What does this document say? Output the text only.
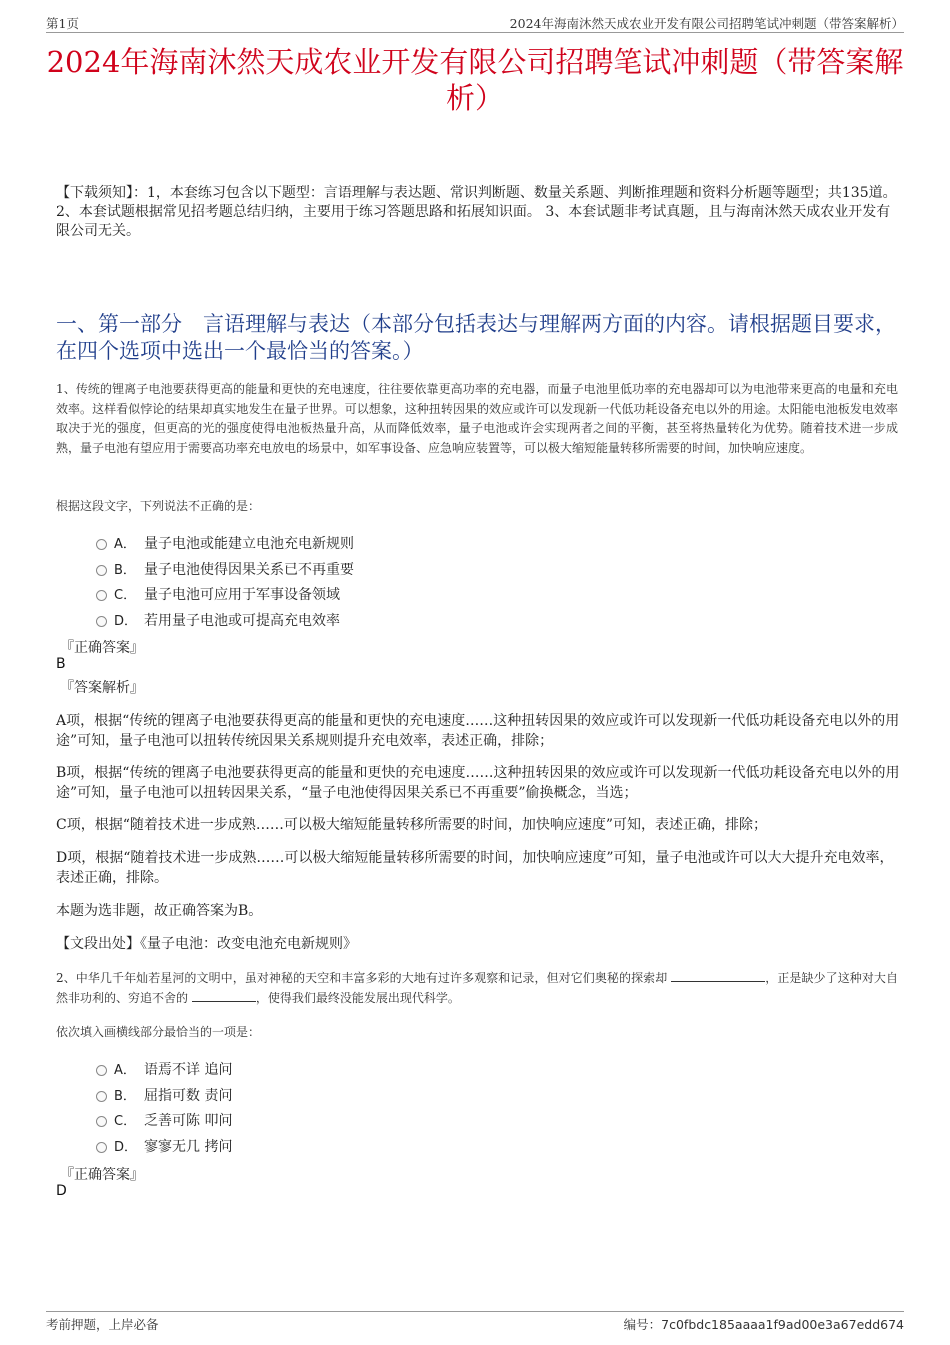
第1页	2024年海南沐然天成农业开发有限公司招聘笔试冲刺题（带答案解析）
2024年海南沐然天成农业开发有限公司招聘笔试冲刺题（带答案解析）
【下载须知】：1，本套练习包含以下题型：言语理解与表达题、常识判断题、数量关系题、判断推理题和资料分析题等题型；共135道。 2、本套试题根据常见招考题总结归纳，主要用于练习答题思路和拓展知识面。 3、本套试题非考试真题，且与海南沐然天成农业开发有限公司无关。
一、第一部分　言语理解与表达（本部分包括表达与理解两方面的内容。请根据题目要求，在四个选项中选出一个最恰当的答案。）
1、传统的锂离子电池要获得更高的能量和更快的充电速度，往往要依靠更高功率的充电器，而量子电池里低功率的充电器却可以为电池带来更高的电量和充电效率。这样看似悖论的结果却真实地发生在量子世界。可以想象，这种扭转因果的效应或许可以发现新一代低功耗设备充电以外的用途。太阳能电池板发电效率取决于光的强度，但更高的光的强度使得电池板热量升高，从而降低效率，量子电池或许会实现两者之间的平衡，甚至将热量转化为优势。随着技术进一步成熟，量子电池有望应用于需要高功率充电放电的场景中，如军事设备、应急响应装置等，可以极大缩短能量转移所需要的时间，加快响应速度。
根据这段文字，下列说法不正确的是：
A． 量子电池或能建立电池充电新规则
B． 量子电池使得因果关系已不再重要
C． 量子电池可应用于军事设备领域
D． 若用量子电池或可提高充电效率
『正确答案』
B
『答案解析』
A项，根据“传统的锂离子电池要获得更高的能量和更快的充电速度……这种扭转因果的效应或许可以发现新一代低功耗设备充电以外的用途”可知，量子电池可以扭转传统因果关系规则提升充电效率，表述正确，排除；
B项，根据“传统的锂离子电池要获得更高的能量和更快的充电速度……这种扭转因果的效应或许可以发现新一代低功耗设备充电以外的用途”可知，量子电池可以扭转因果关系，“量子电池使得因果关系已不再重要”偷换概念，当选；
C项，根据“随着技术进一步成熟……可以极大缩短能量转移所需要的时间，加快响应速度”可知，表述正确，排除；
D项，根据“随着技术进一步成熟……可以极大缩短能量转移所需要的时间，加快响应速度”可知，量子电池或许可以大大提升充电效率，表述正确，排除。
本题为选非题，故正确答案为B。
【文段出处】《量子电池：改变电池充电新规则》
2、中华几千年灿若星河的文明中，虽对神秘的天空和丰富多彩的大地有过许多观察和记录，但对它们奥秘的探索却	，正是缺少了这种对大自然非功利的、穷追不舍的	，使得我们最终没能发展出现代科学。
依次填入画横线部分最恰当的一项是：
A． 语焉不详 追问
B． 屈指可数 责问
C． 乏善可陈 叩问
D． 寥寥无几 拷问
『正确答案』
D
考前押题，上岸必备	编号：7c0fbdc185aaaa1f9ad00e3a67edd674
